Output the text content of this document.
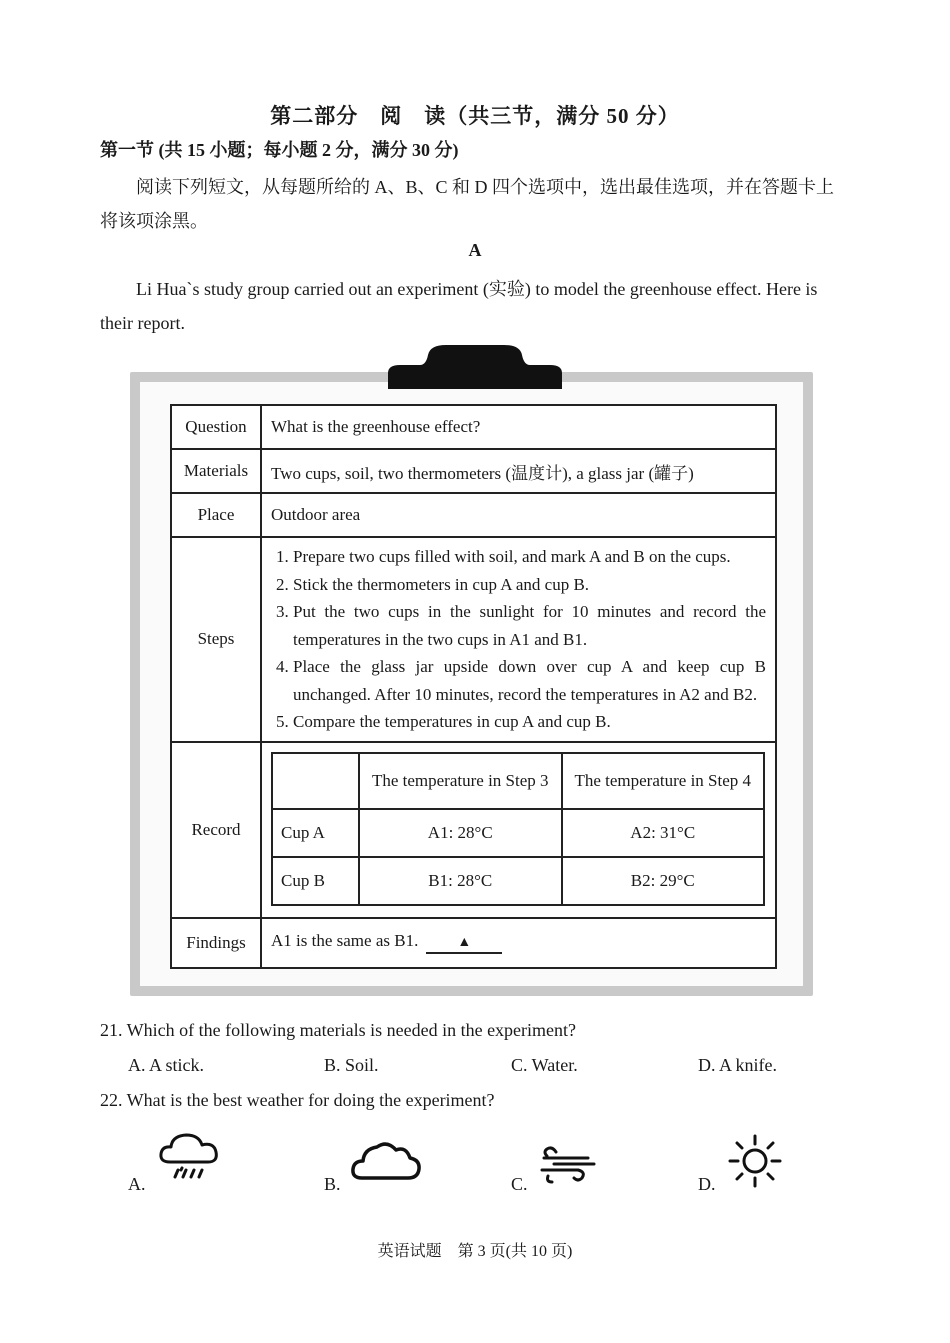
第二部分　阅　读（共三节，满分 50 分）
第一节 (共 15 小题；每小题 2 分，满分 30 分)
阅读下列短文，从每题所给的 A、B、C 和 D 四个选项中，选出最佳选项，并在答题卡上将该项涂黑。
A
Li Hua`s study group carried out an experiment (实验) to model the greenhouse effect. Here is their report.
Question	What is the greenhouse effect?
Materials	Two cups, soil, two thermometers (温度计), a glass jar (罐子)
Place	Outdoor area
Steps	
1. Prepare two cups filled with soil, and mark A and B on the cups.
2. Stick the thermometers in cup A and cup B.
3. Put the two cups in the sunlight for 10 minutes and record the temperatures in the two cups in A1 and B1.
4. Place the glass jar upside down over cup A and keep cup B unchanged. After 10 minutes, record the temperatures in A2 and B2.
5. Compare the temperatures in cup A and cup B.

Record	
	The temperature in Step 3	The temperature in Step 4
Cup A	A1: 28°C	A2: 31°C
Cup B	B1: 28°C	B2: 29°C

Findings	A1 is the same as B1.	▲
21. Which of the following materials is needed in the experiment?
A. A stick.	B. Soil.	C. Water.	D. A knife.
22. What is the best weather for doing the experiment?
A.	B.	C.	D.
英语试题　第 3 页(共 10 页)
